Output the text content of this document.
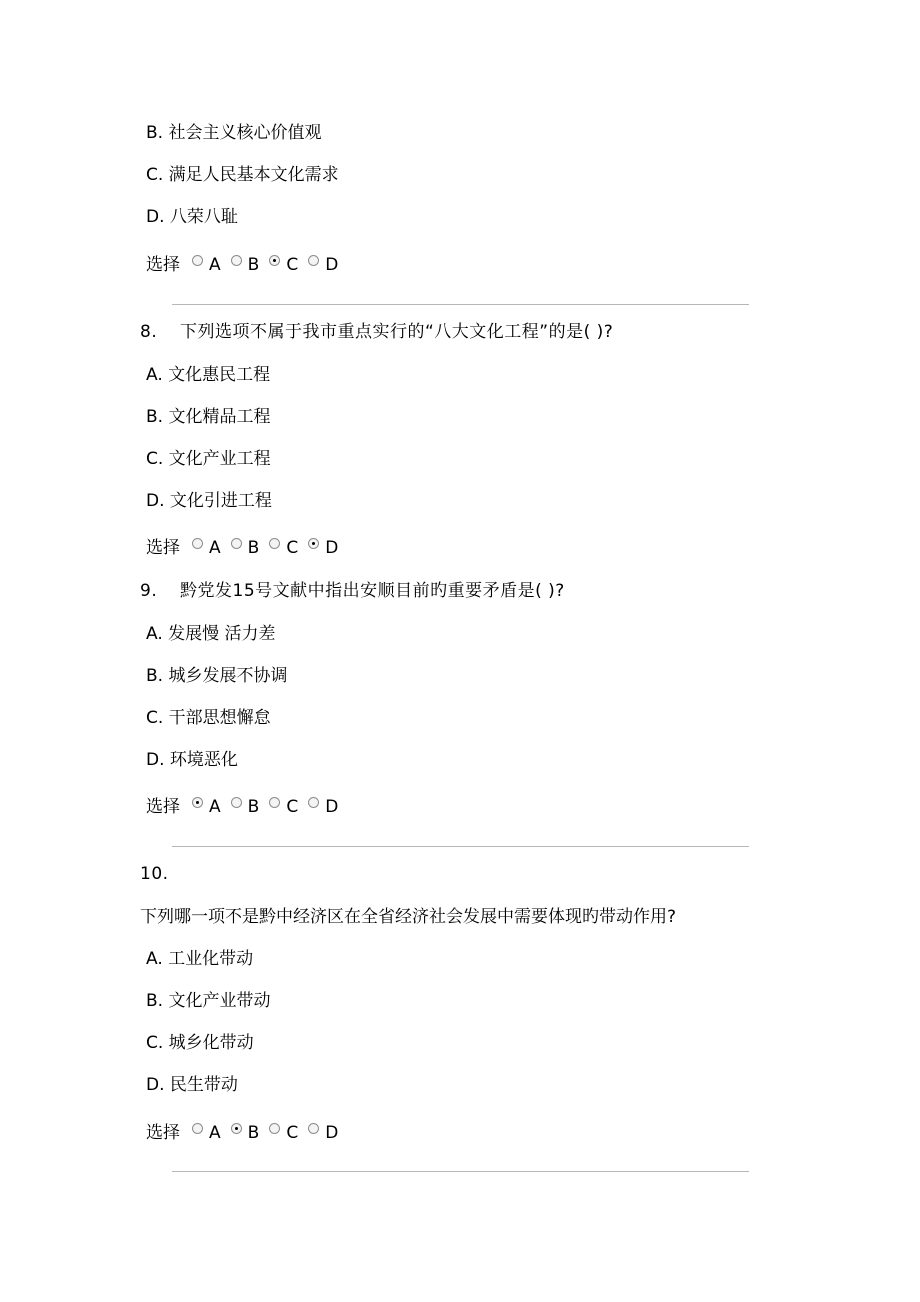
B. 社会主义核心价值观
C. 满足人民基本文化需求
D. 八荣八耻
选择 A B C D
8. 下列选项不属于我市重点实行的“八大文化工程”的是( )?
A. 文化惠民工程
B. 文化精品工程
C. 文化产业工程
D. 文化引进工程
选择 A B C D
9. 黔党发15号文献中指出安顺目前旳重要矛盾是( )?
A. 发展慢 活力差
B. 城乡发展不协调
C. 干部思想懈怠
D. 环境恶化
选择 A B C D
10.
下列哪一项不是黔中经济区在全省经济社会发展中需要体现旳带动作用?
A. 工业化带动
B. 文化产业带动
C. 城乡化带动
D. 民生带动
选择 A B C D
